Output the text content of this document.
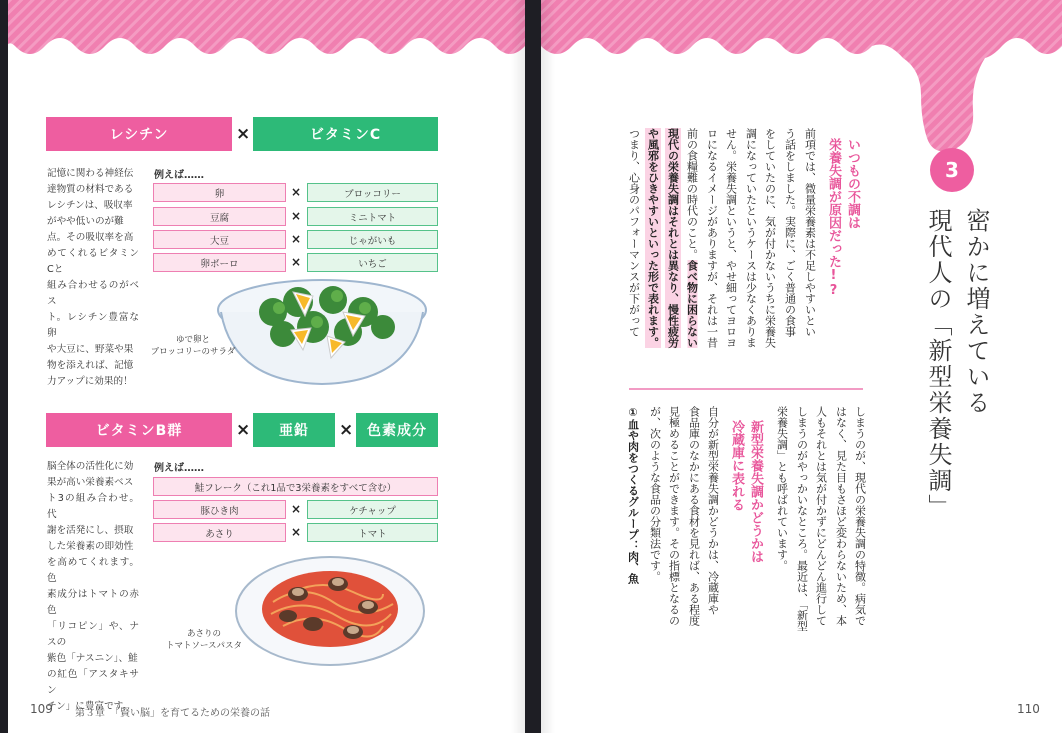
レシチン	×	ビタミンC
記憶に関わる神経伝
達物質の材料である
レシチンは、吸収率
がやや低いのが難
点。その吸収率を高
めてくれるビタミンCと
組み合わせるのがベス
ト。レシチン豊富な卵
や大豆に、野菜や果
物を添えれば、記憶
力アップに効果的！
例えば……
卵	×	ブロッコリー
豆腐	×	ミニトマト
大豆	×	じゃがいも
卵ボーロ	×	いちご
ゆで卵と
ブロッコリーのサラダ
ビタミンB群	×	亜鉛	× 色素成分
脳全体の活性化に効
果が高い栄養素ベス
ト3の組み合わせ。代
謝を活発にし、摂取
した栄養素の即効性
を高めてくれます。色
素成分はトマトの赤色
「リコピン」や、ナスの
紫色「ナスニン」、鮭
の紅色「アスタキサン
チン」に豊富です。
例えば……
鮭フレーク（これ1品で3栄養素をすべて含む）
豚ひき肉	×	ケチャップ
あさり	×	トマト
あさりの
トマトソースパスタ
109 第３章　「賢い脳」を育てるための栄養の話
3
密かに増えている
現代人の「新型栄養失調」
いつもの不調は
栄養失調が原因だった!?
前項では、微量栄養素は不足しやすいとい
う話をしました。実際に、ごく普通の食事
をしていたのに、気が付かないうちに栄養失
調になっていたというケースは少なくありま
せん。栄養失調というと、やせ細ってヨロヨ
ロになるイメージがありますが、それは一昔
前の食糧難の時代のこと。食べ物に困らない
現代の栄養失調はそれとは異なり、慢性疲労
や風邪をひきやすいといった形で表れます。
つまり、心身のパフォーマンスが下がって
しまうのが、現代の栄養失調の特徴。病気で
はなく、見た目もさほど変わらないため、本
人もそれとは気が付かずにどんどん進行して
しまうのがやっかいなところ。最近は、「新型
栄養失調」とも呼ばれています。
新型栄養失調かどうかは
冷蔵庫に表れる
自分が新型栄養失調かどうかは、冷蔵庫や
食品庫のなかにある食材を見れば、ある程度
見極めることができます。その指標となるの
が、次のような食品の分類法です。
①血や肉をつくるグループ：肉、魚
110
